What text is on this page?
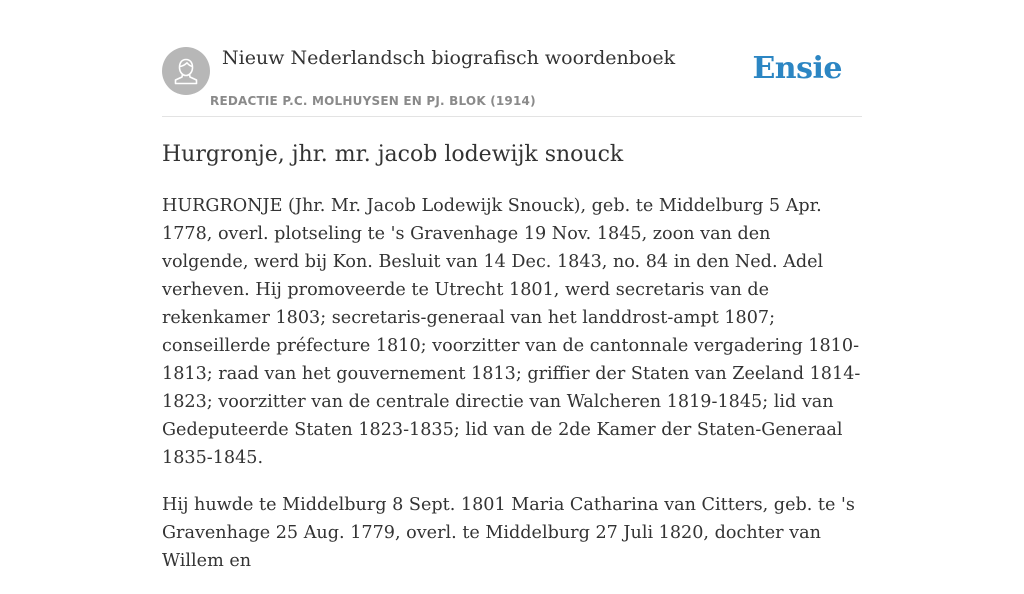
Nieuw Nederlandsch biografisch woordenboek
REDACTIE P.C. MOLHUYSEN EN PJ. BLOK (1914)
Ensie
Hurgronje, jhr. mr. jacob lodewijk snouck

HURGRONJE (Jhr. Mr. Jacob Lodewijk Snouck), geb. te Middelburg 5 Apr. 1778, overl. plotseling te 's Gravenhage 19 Nov. 1845, zoon van den volgende, werd bij Kon. Besluit van 14 Dec. 1843, no. 84 in den Ned. Adel verheven. Hij promoveerde te Utrecht 1801, werd secretaris van de rekenkamer 1803; secretaris-generaal van het landdrost-ampt 1807; conseillerde préfecture 1810; voorzitter van de cantonnale vergadering 1810-1813; raad van het gouvernement 1813; griffier der Staten van Zeeland 1814-1823; voorzitter van de centrale directie van Walcheren 1819-1845; lid van Gedeputeerde Staten 1823-1835; lid van de 2de Kamer der Staten-Generaal 1835-1845.

Hij huwde te Middelburg 8 Sept. 1801 Maria Catharina van Citters, geb. te 's Gravenhage 25 Aug. 1779, overl. te Middelburg 27 Juli 1820, dochter van Willem en
